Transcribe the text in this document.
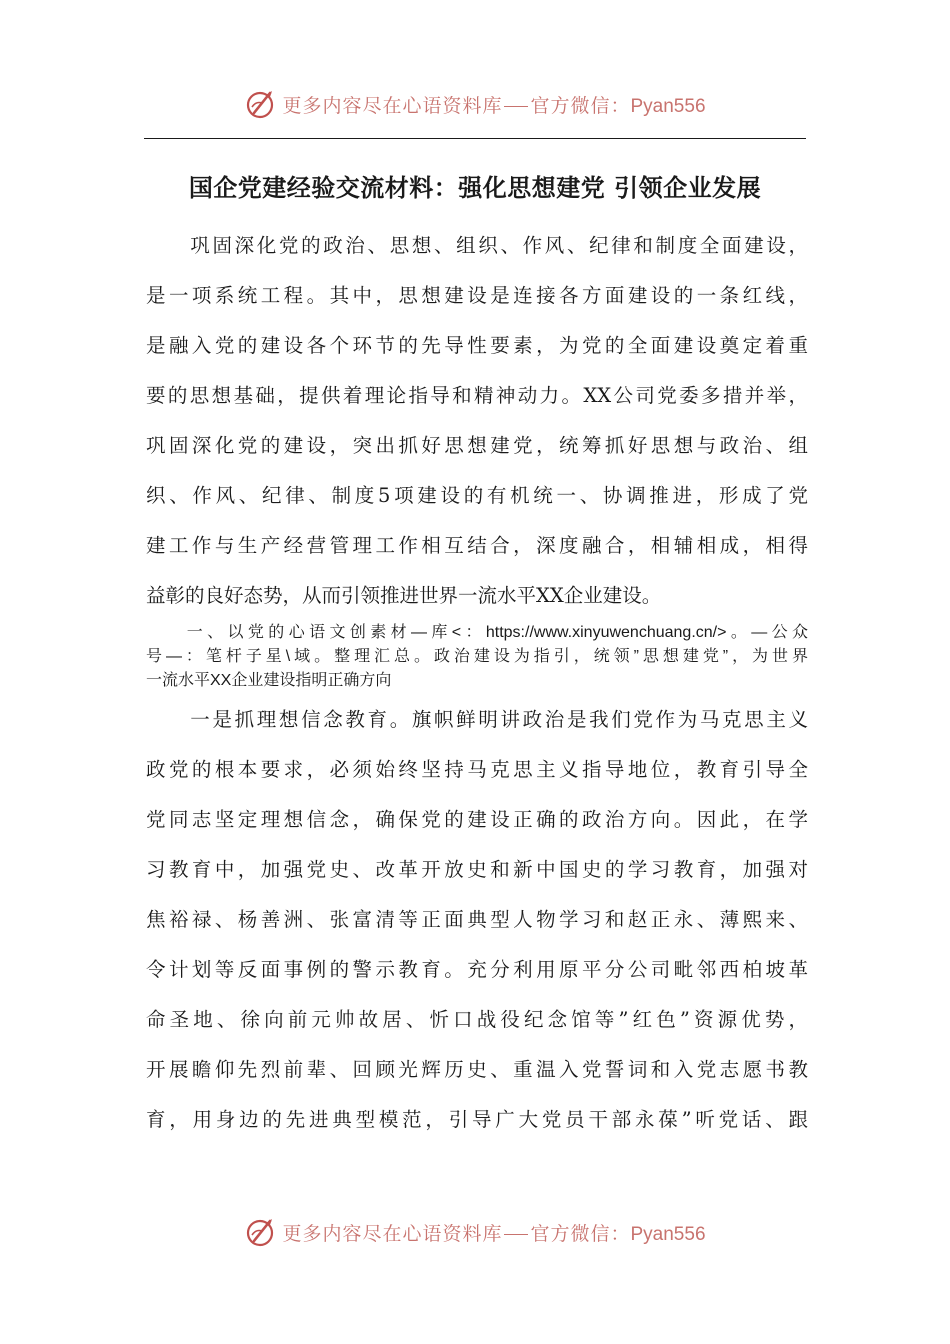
更多内容尽在心语资料库 官方微信：Pyan556
国企党建经验交流材料：强化思想建党 引领企业发展
　　巩固深化党的政治、思想、组织、作风、纪律和制度全面建设，
是一项系统工程。其中，思想建设是连接各方面建设的一条红线，
是融入党的建设各个环节的先导性要素，为党的全面建设奠定着重
要的思想基础，提供着理论指导和精神动力。XX公司党委多措并举，
巩固深化党的建设，突出抓好思想建党，统筹抓好思想与政治、组
织、作风、纪律、制度5项建设的有机统一、协调推进，形成了党
建工作与生产经营管理工作相互结合，深度融合，相辅相成，相得
益彰的良好态势，从而引领推进世界一流水平XX企业建设。
　　一、以党的心语文创素材—库<：https://www.xinyuwenchuang.cn/>。—公众
号—：笔杆子星\域。整理汇总。政治建设为指引，统领”思想建党”，为世界
一流水平XX企业建设指明正确方向
　　一是抓理想信念教育。旗帜鲜明讲政治是我们党作为马克思主义
政党的根本要求，必须始终坚持马克思主义指导地位，教育引导全
党同志坚定理想信念，确保党的建设正确的政治方向。因此，在学
习教育中，加强党史、改革开放史和新中国史的学习教育，加强对
焦裕禄、杨善洲、张富清等正面典型人物学习和赵正永、薄熙来、
令计划等反面事例的警示教育。充分利用原平分公司毗邻西柏坡革
命圣地、徐向前元帅故居、忻口战役纪念馆等”红色”资源优势，
开展瞻仰先烈前辈、回顾光辉历史、重温入党誓词和入党志愿书教
育，用身边的先进典型模范，引导广大党员干部永葆”听党话、跟
更多内容尽在心语资料库 官方微信：Pyan556
